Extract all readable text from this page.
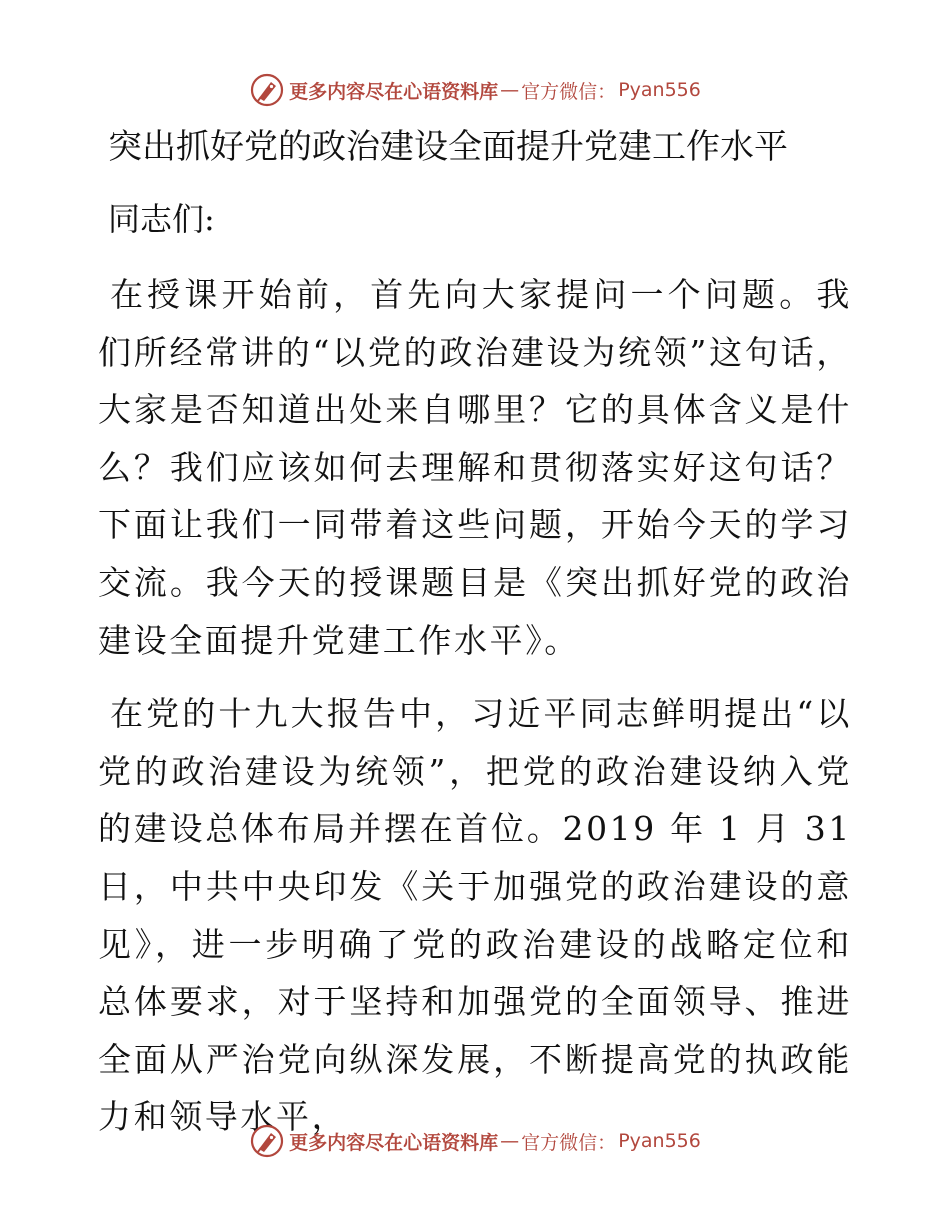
更多内容尽在心语资料库 — 官方微信： Pyan556
突出抓好党的政治建设全面提升党建工作水平
同志们:

在授课开始前，首先向大家提问一个问题。我们所经常讲的“以党的政治建设为统领”这句话，大家是否知道出处来自哪里？它的具体含义是什么？我们应该如何去理解和贯彻落实好这句话？下面让我们一同带着这些问题，开始今天的学习交流。我今天的授课题目是《突出抓好党的政治建设全面提升党建工作水平》。

在党的十九大报告中，习近平同志鲜明提出“以党的政治建设为统领”，把党的政治建设纳入党的建设总体布局并摆在首位。2019 年 1 月 31 日，中共中央印发《关于加强党的政治建设的意见》，进一步明确了党的政治建设的战略定位和总体要求，对于坚持和加强党的全面领导、推进全面从严治党向纵深发展，不断提高党的执政能力和领导水平，

更多内容尽在心语资料库 — 官方微信： Pyan556
